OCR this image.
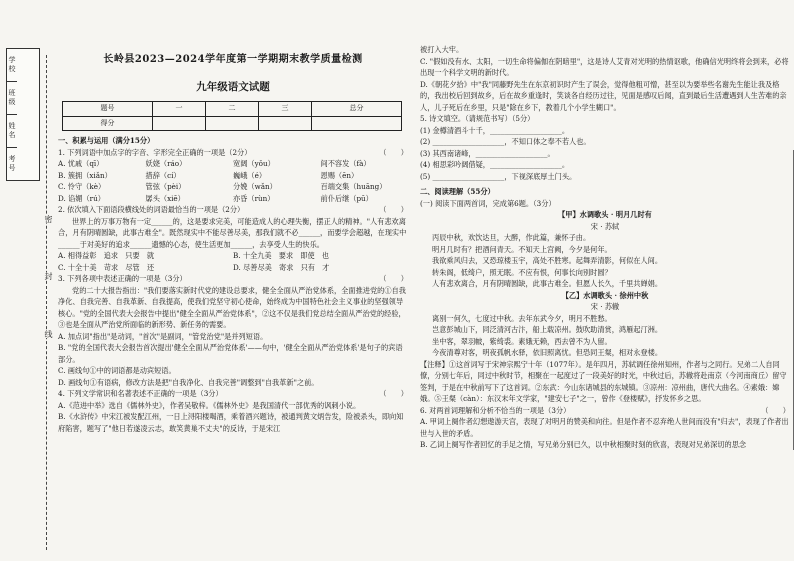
学校
班级
姓名
考号
密
封
线
长岭县2023—2024学年度第一学期期末教学质量检测
九年级语文试题
题号	一	二	三	总分
得分				
一、积累与运用（满分15分）

1. 下列词语中加点字的字音、字形完全正确的一项是（2分）	（　　）

A. 忧戚（qī）	妖娆（ráo）	宽阔（yǒu）	间不容发（fà）
B. 簇拥（xiǎn）	措辞（cí）	巍峨（é）	恩赐（ēn）
C. 怜守（kè）	管弦（pèi）	分娩（wǎn）	百端交集（huāng）
D. 谄媚（rú）	孱头（xiē）	亦昏（rùn）	前仆后继（pū）

2. 依次填入下面语段横线处的词语最恰当的一项是（2分）	（　　）

世界上的万事万物有一定______的，这是要求完美，可能造成人的心理失衡，摆正人的精神。"人有悲欢离合，月有阴晴圆缺，此事古难全"。既然现实中不能尽善尽美，那我们就不必______，而要学会超越，在现实中______于对美好的追求______遗憾的心态，使生活更加______，去享受人生的快乐。

A. 相得益彰　追求　只要　就	B. 十全九美　要求　即使　也
C. 十全十美　苛求　尽管　还	D. 尽善尽美　寄求　只有　才

3. 下列各项中表述正确的一项是（3分）	（　　）

党的二十大报告指出："我们要落实新时代党的建设总要求，健全全面从严治党体系，全面推进党的①自我净化、自我完善、自我革新、自我提高，使我们党坚守初心使命，始终成为中国特色社会主义事业的坚强领导核心。"党的全国代表大会报告中提出"健全全面从严治党体系"，②这不仅是我们党总结全面从严治党的经验，③也是全面从严治党所面临的新形势、新任务的需要。

A. 加点词"指出"是动词，"首次"是副词，"管党治党"是并列短语。

B. "党的全国代表大会报告首次提出'健全全面从严治党体系'——句中，'健全全面从严治党体系'是句子的宾语部分。

C. 画线句①中的词语都是动宾短语。

D. 画线句①有语病，修改方法是把"自我净化、自我完善"调整到"自我革新"之前。

4. 下列文学常识和名著表述不正确的一项是（3分）	（　　）

A.《范进中举》选自《儒林外史》，作者吴敬梓。《儒林外史》是我国清代一部优秀的讽刺小说。

B.《水浒传》中宋江被发配江州，一日上浔阳楼喝酒，乘着酒兴题诗，被通判黄文炳告发，险被杀头，即向知府陷害，题写了"他日若遂凌云志，敢笑黄巢不丈夫"的反诗，于是宋江

被打入大牢。

C. "假如没有水、太阳，一切生命将偏伽在阴暗里"，这是诗人艾青对光明的热情讴歌，他确信光明终将会到来，必将出现一个科学文明的新时代。

D.《朝花夕拾》中"我"同藤野先生在东京初识时产生了误会，觉得他粗可憎，甚至以为要举些名谢先生能让我及格的，我出校后回到故乡，后在故乡重逢时，笑谈各自经历过往，见面是感叹后闻，直到最后生活遭遇到人生苦难的亲人，儿子死后在乡里，只是"除在乡下，教着几个小学生糊口"。

5. 诗文填空。（请规范书写）（5分）

(1) 金樽清酒斗十千，____________________。

(2) ____________________，不知口体之奉不若人也。

(3) 其西南诸峰，____________________。

(4) 相思彩吟阔借疑，____________________。

(5) ____________________，下视深底厚土门头。

二、阅读理解（55分）

(一) 阅读下面两首词，完成第6题。（3分）

【甲】水调歌头 · 明月几时有
宋 · 苏轼
丙辰中秋，欢饮达旦，大醉，作此篇，兼怀子由。
明月几时有？把酒问青天。不知天上宫阙，今夕是何年。
我欲乘风归去，又恐琼楼玉宇，高处不胜寒。起舞弄清影，何似在人间。
转朱阁，低绮户，照无眠。不应有恨，何事长向别时圆？
人有悲欢离合，月有阴晴圆缺，此事古难全。但愿人长久，千里共婵娟。
【乙】水调歌头 · 徐州中秋
宋 · 苏辙
离别一何久，七度过中秋。去年东武今夕，明月不胜愁。
岂意彭城山下，同泛清河古汴，船上载凉州。鼓吹助清赏，鸿雁起汀洲。
坐中客，翠羽帔，紫绮裘。素娥无赖，西去曾不为人留。
今夜清尊对客，明夜孤帆水驿，依旧照离忧。但恐同王粲，相对永登楼。

【注释】①这首词写于宋神宗熙宁十年（1077年）。是年四月，苏轼调任徐州知州，作者与之同行。兄弟二人自同僚，分别七年后，同过中秋时节，相聚在一起度过了一段美好的时光，中秋过后，苏辙将赴南京（今河南商丘）留守签判，于是在中秋前写下了这首词。②东武：今山东诸城县的东城镇。③凉州：凉州曲，唐代大曲名。④素娥：嫦娥。⑤王粲（càn）：东汉末年文学家，"建安七子"之一，曾作《登楼赋》，抒发怀乡之思。

6. 对两首词理解和分析不恰当的一项是（3分）	（　　）

A. 甲词上阕作者幻想遨游天宫，表现了对明月的赞美和向往。但是作者不忍弃绝人世间而没有"归去"，表现了作者出世与入世的矛盾。

B. 乙词上阕写作者回忆的手足之情，写兄弟分别已久，以中秋相聚时刻的欣喜，表现对兄弟深切的思念
